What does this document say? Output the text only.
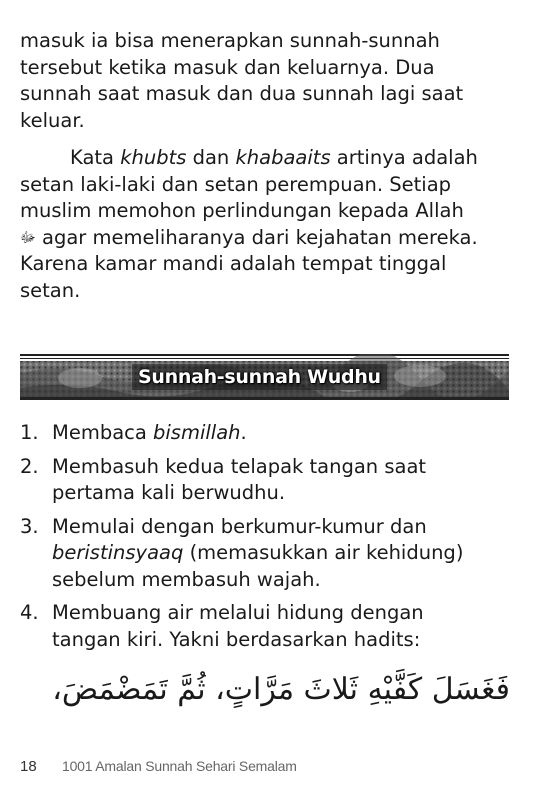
masuk ia bisa menerapkan sunnah-sunnah
tersebut ketika masuk dan keluarnya. Dua
sunnah saat masuk dan dua sunnah lagi saat
keluar.

Kata khubts dan khabaaits artinya adalah
setan laki-laki dan setan perempuan. Setiap
muslim memohon perlindungan kepada Allah
ﷻ agar memeliharanya dari kejahatan mereka.
Karena kamar mandi adalah tempat tinggal
setan.

Sunnah-sunnah Wudhu
1. Membaca bismillah.
2. Membasuh kedua telapak tangan saat
pertama kali berwudhu.
3. Memulai dengan berkumur-kumur dan
beristinsyaaq (memasukkan air kehidung)
sebelum membasuh wajah.
4. Membuang air melalui hidung dengan
tangan kiri. Yakni berdasarkan hadits:
فَغَسَلَ كَفَّيْهِ ثَلاثَ مَرَّاتٍ، ثُمَّ تَمَضْمَضَ،
18 1001 Amalan Sunnah Sehari Semalam
